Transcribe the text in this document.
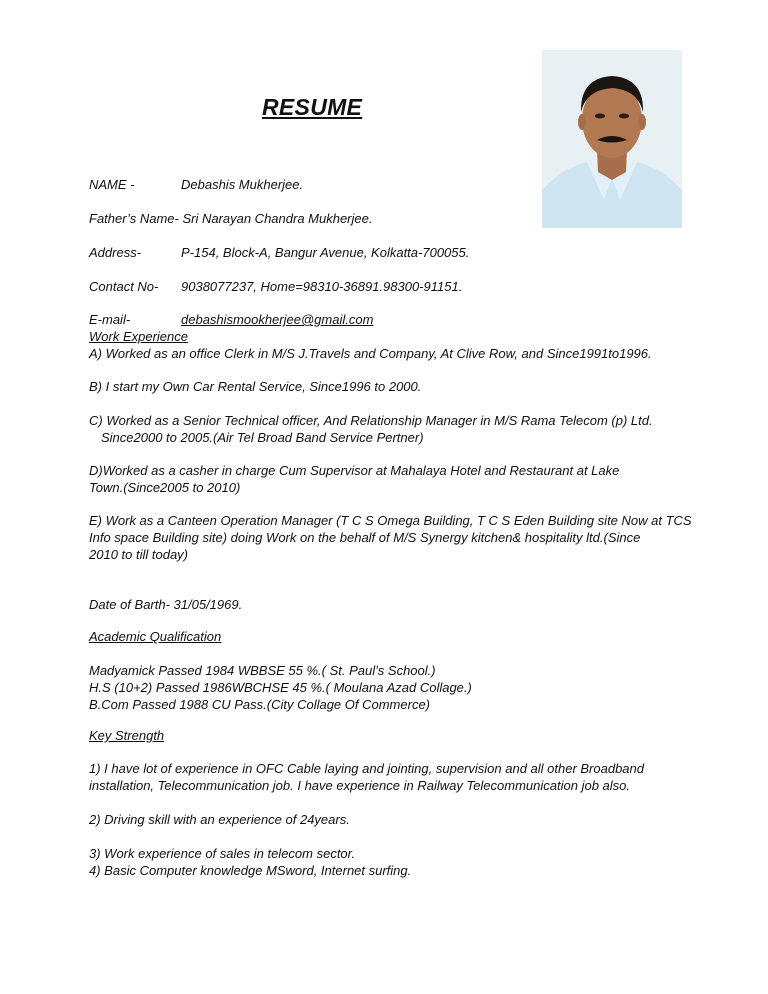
RESUME
NAME -	Debashis Mukherjee.
Father’s Name- Sri Narayan Chandra Mukherjee.
Address-	P-154, Block-A, Bangur Avenue, Kolkatta-700055.
Contact No- 9038077237, Home=98310-36891.98300-91151.
E-mail-	debashismookherjee@gmail.com
Work Experience
A) Worked as an office Clerk in M/S J.Travels and Company, At Clive Row, and Since1991to1996.
B) I start my Own Car Rental Service, Since1996 to 2000.
C) Worked as a Senior Technical officer, And Relationship Manager in M/S Rama Telecom (p) Ltd.
Since2000 to 2005.(Air Tel Broad Band Service Pertner)
D)Worked as a casher in charge Cum Supervisor at Mahalaya Hotel and Restaurant at Lake
Town.(Since2005 to 2010)
E) Work as a Canteen Operation Manager (T C S Omega Building, T C S Eden Building site Now at TCS
Info space Building site) doing Work on the behalf of M/S Synergy kitchen& hospitality ltd.(Since
2010 to till today)
Date of Barth- 31/05/1969.
Academic Qualification
Madyamick Passed 1984 WBBSE 55 %.( St. Paul’s School.)
H.S (10+2) Passed 1986WBCHSE 45 %.( Moulana Azad Collage.)
B.Com Passed 1988 CU Pass.(City Collage Of Commerce)
Key Strength
1) I have lot of experience in OFC Cable laying and jointing, supervision and all other Broadband
installation, Telecommunication job. I have experience in Railway Telecommunication job also.
2) Driving skill with an experience of 24years.
3) Work experience of sales in telecom sector.
4) Basic Computer knowledge MSword, Internet surfing.
